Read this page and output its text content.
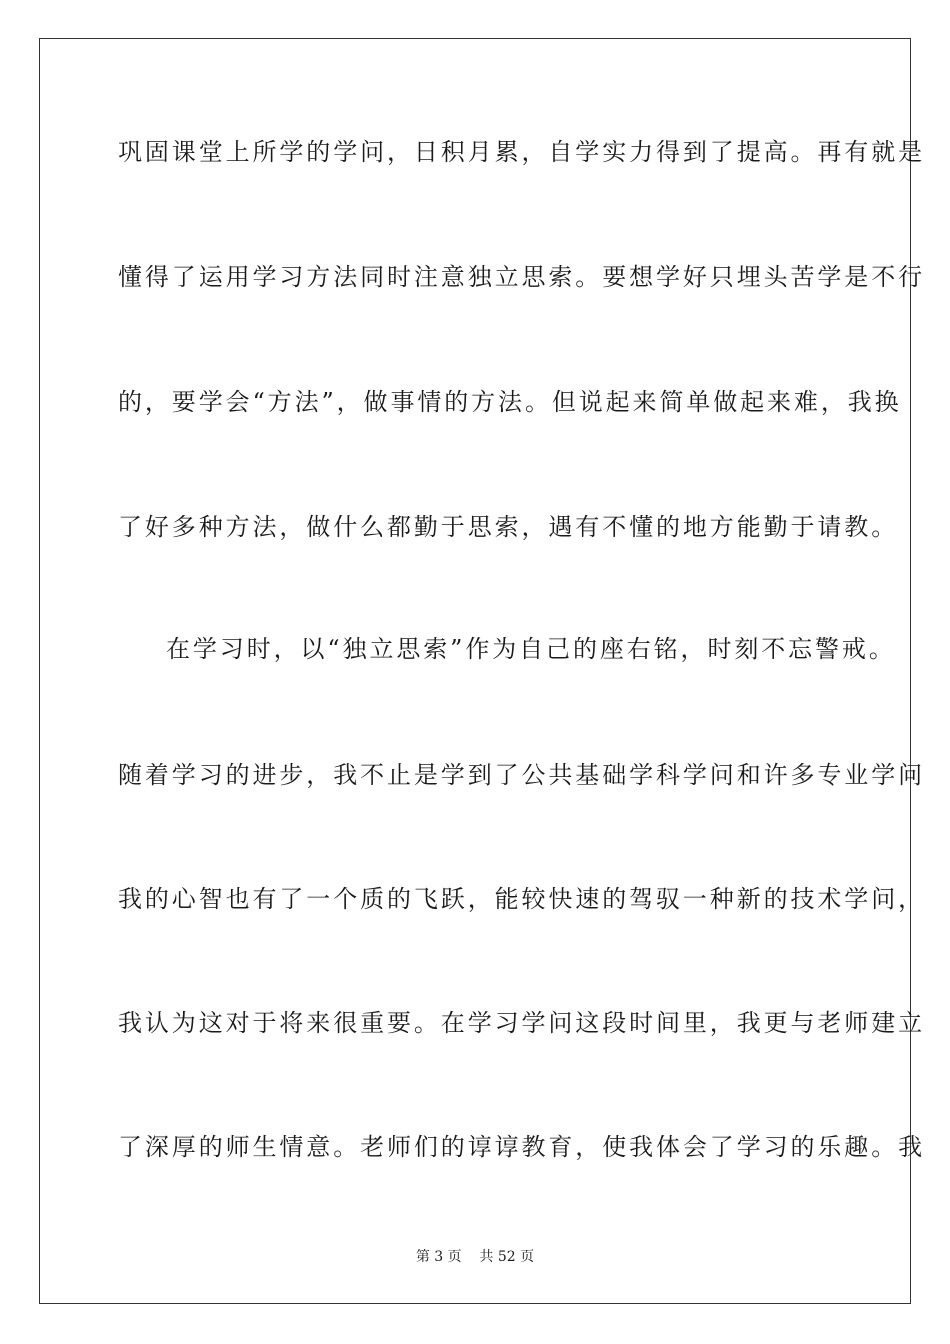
巩固课堂上所学的学问，日积月累，自学实力得到了提高。再有就是
懂得了运用学习方法同时注意独立思索。要想学好只埋头苦学是不行
的，要学会“方法”，做事情的方法。但说起来简单做起来难，我换
了好多种方法，做什么都勤于思索，遇有不懂的地方能勤于请教。
在学习时，以“独立思索”作为自己的座右铭，时刻不忘警戒。
随着学习的进步，我不止是学到了公共基础学科学问和许多专业学问
我的心智也有了一个质的飞跃，能较快速的驾驭一种新的技术学问，
我认为这对于将来很重要。在学习学问这段时间里，我更与老师建立
了深厚的师生情意。老师们的谆谆教育，使我体会了学习的乐趣。我
第 3 页    共 52 页
